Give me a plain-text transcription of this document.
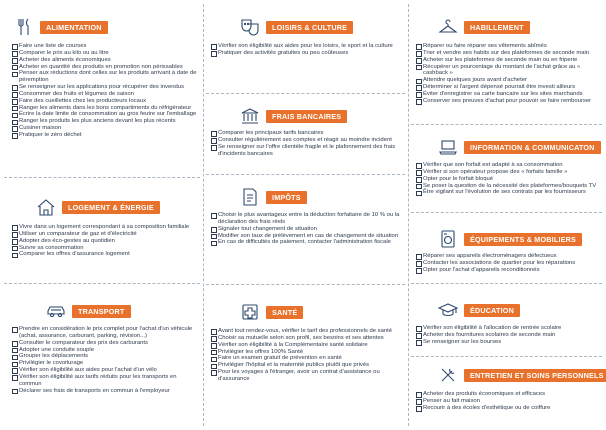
ALIMENTATION
Faire une liste de courses
Comparer le prix au kilo ou au litre
Acheter des aliments économiques
Acheter en quantité des produits en promotion non périssables
Penser aux réductions dont celles sur les produits arrivant à date de péremption
Se renseigner sur les applications pour récupérer des invendus
Consommer des fruits et légumes de saison
Faire des cueillettes chez les producteurs locaux
Ranger les aliments dans les bons compartiments du réfrigérateur
Écrire la date limite de consommation au gros feutre sur l'emballage
Ranger les produits les plus anciens devant les plus récents
Cuisiner maison
Pratiquer le zéro déchet
LOGEMENT & ÉNERGIE
Vivre dans un logement correspondant à sa composition familiale
Utiliser un comparateur de gaz et d'électricité
Adopter des éco-gestes au quotidien
Suivre sa consommation
Comparer les offres d'assurance logement
TRANSPORT
Prendre en considération le prix complet pour l'achat d'un véhicule (achat, assurance, carburant, parking, révision...)
Consulter le comparateur des prix des carburants
Adopter une conduite souple
Grouper les déplacements
Privilégier le covoiturage
Vérifier son éligibilité aux aides pour l'achat d'un vélo
Vérifier son éligibilité aux tarifs réduits pour les transports en commun
Déclarer ses frais de transports en commun à l'employeur
LOISIRS & CULTURE
Vérifier son éligibilité aux aides pour les loisirs, le sport et la culture
Pratiquer des activités gratuites ou peu coûteuses
FRAIS BANCAIRES
Comparer les principaux tarifs bancaires
Consulter régulièrement ses comptes et réagir au moindre incident
Se renseigner sur l'offre clientèle fragile et le plafonnement des frais d'incidents bancaires
IMPÔTS
Choisir le plus avantageux entre la déduction forfaitaire de 10 % ou la déclaration des frais réels
Signaler tout changement de situation
Modifier son taux de prélèvement en cas de changement de situation
En cas de difficultés de paiement, contacter l'administration fiscale
SANTÉ
Avant tout rendez-vous, vérifier le tarif des professionnels de santé
Choisir sa mutuelle selon son profil, ses besoins et ses attentes
Vérifier son éligibilité à la Complémentaire santé solidaire
Privilégier les offres 100% Santé
Faire un examen gratuit de prévention en santé
Privilégier l'hôpital et la maternité publics plutôt que privés
Pour les voyages à l'étranger, avoir un contrat d'assistance ou d'assurance
HABILLEMENT
Réparer ou faire réparer ses vêtements abîmés
Trier et vendre ses habits sur des plateformes de seconde main
Acheter sur les plateformes de seconde main ou en friperie
Récupérer un pourcentage du montant de l'achat grâce au « cashback »
Attendre quelques jours avant d'acheter
Déterminer si l'argent dépensé pourrait être investi ailleurs
Éviter d'enregistrer sa carte bancaire sur les sites marchands
Conserver ses preuves d'achat pour pouvoir se faire rembourser
INFORMATION & COMMUNICATON
Vérifier que son forfait est adapté à sa consommation
Vérifier si son opérateur propose des « forfaits famille »
Opter pour le forfait bloqué
Se poser la question de la nécessité des plateformes/bouquets TV
Être vigilant sur l'évolution de ses contrats par les fournisseurs
ÉQUIPEMENTS & MOBILIERS
Réparer ses appareils électroménagers défectueux
Contacter les associations de quartier pour les réparations
Opter pour l'achat d'appareils reconditionnés
ÉDUCATION
Vérifier son éligibilité à l'allocation de rentrée scolaire
Acheter des fournitures scolaires de seconde main
Se renseigner sur les bourses
ENTRETIEN ET SOINS PERSONNELS
Acheter des produits économiques et efficaces
Penser au fait maison
Recourir à des écoles d'esthétique ou de coiffure
